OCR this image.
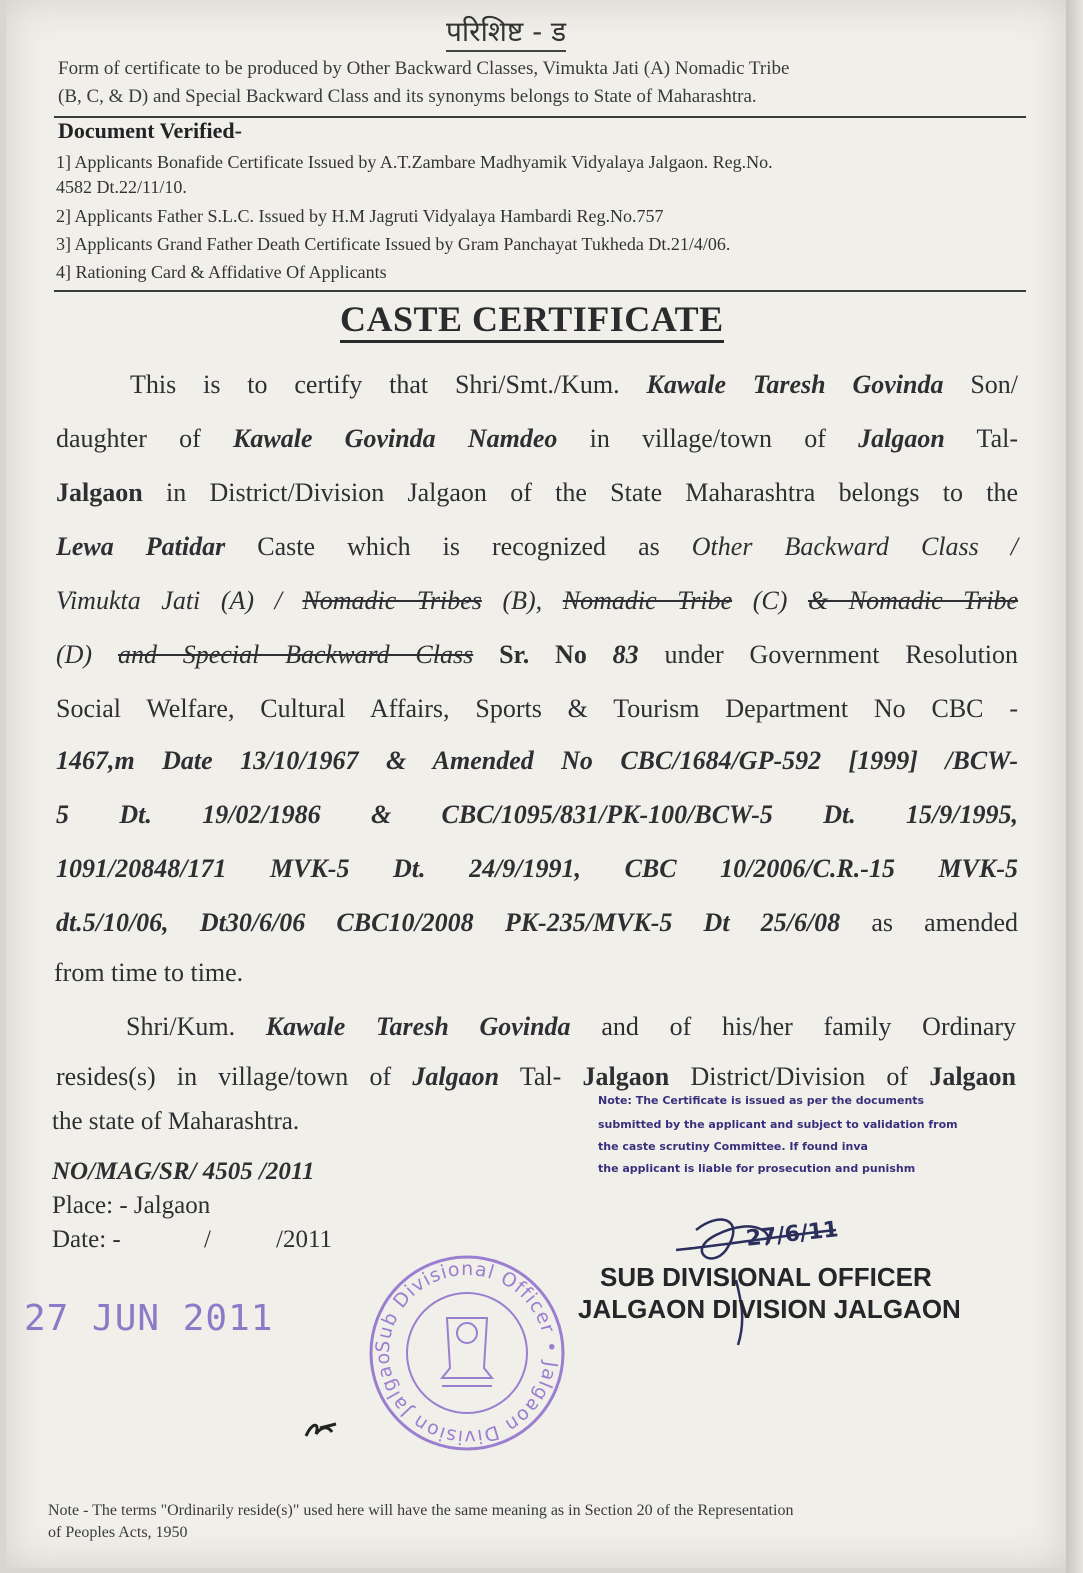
परिशिष्ट - ड
Form of certificate to be produced by Other Backward Classes, Vimukta Jati (A) Nomadic Tribe
(B, C, & D) and Special Backward Class and its synonyms belongs to State of Maharashtra.
Document Verified-
1] Applicants Bonafide Certificate Issued by A.T.Zambare Madhyamik Vidyalaya Jalgaon. Reg.No.
4582 Dt.22/11/10.
2] Applicants Father S.L.C. Issued by H.M Jagruti Vidyalaya Hambardi Reg.No.757
3] Applicants Grand Father Death Certificate Issued by Gram Panchayat Tukheda Dt.21/4/06.
4] Rationing Card & Affidative Of Applicants
CASTE CERTIFICATE
This is to certify that Shri/Smt./Kum. Kawale Taresh Govinda Son/
daughter of Kawale Govinda Namdeo in village/town of Jalgaon Tal-
Jalgaon in District/Division Jalgaon of the State Maharashtra belongs to the
Lewa Patidar Caste which is recognized as Other Backward Class /
Vimukta Jati (A) / Nomadic Tribes (B), Nomadic Tribe (C) & Nomadic Tribe
(D) and Special Backward Class Sr. No 83 under Government Resolution
Social Welfare, Cultural Affairs, Sports & Tourism Department No CBC -
1467,m Date 13/10/1967 & Amended No CBC/1684/GP-592 [1999] /BCW-
5 Dt. 19/02/1986 & CBC/1095/831/PK-100/BCW-5 Dt. 15/9/1995,
1091/20848/171 MVK-5 Dt. 24/9/1991, CBC 10/2006/C.R.-15 MVK-5
dt.5/10/06, Dt30/6/06 CBC10/2008 PK-235/MVK-5 Dt 25/6/08 as amended
from time to time.
Shri/Kum. Kawale Taresh Govinda and of his/her family Ordinary
resides(s) in village/town of Jalgaon Tal- Jalgaon District/Division of Jalgaon
the state of Maharashtra.
NO/MAG/SR/ 4505 /2011
Place: - Jalgaon
Date: -	/	/2011
Note: The Certificate is issued as per the documents
submitted by the applicant and subject to validation from
the caste scrutiny Committee. If found inva
the applicant is liable for prosecution and punishm
27/6/11
SUB DIVISIONAL OFFICER
JALGAON DIVISION JALGAON
27 JUN 2011
Sub Divisional Officer • Jalgaon Division Jalgaon •
Note - The terms "Ordinarily reside(s)" used here will have the same meaning as in Section 20 of the Representation
of Peoples Acts, 1950
